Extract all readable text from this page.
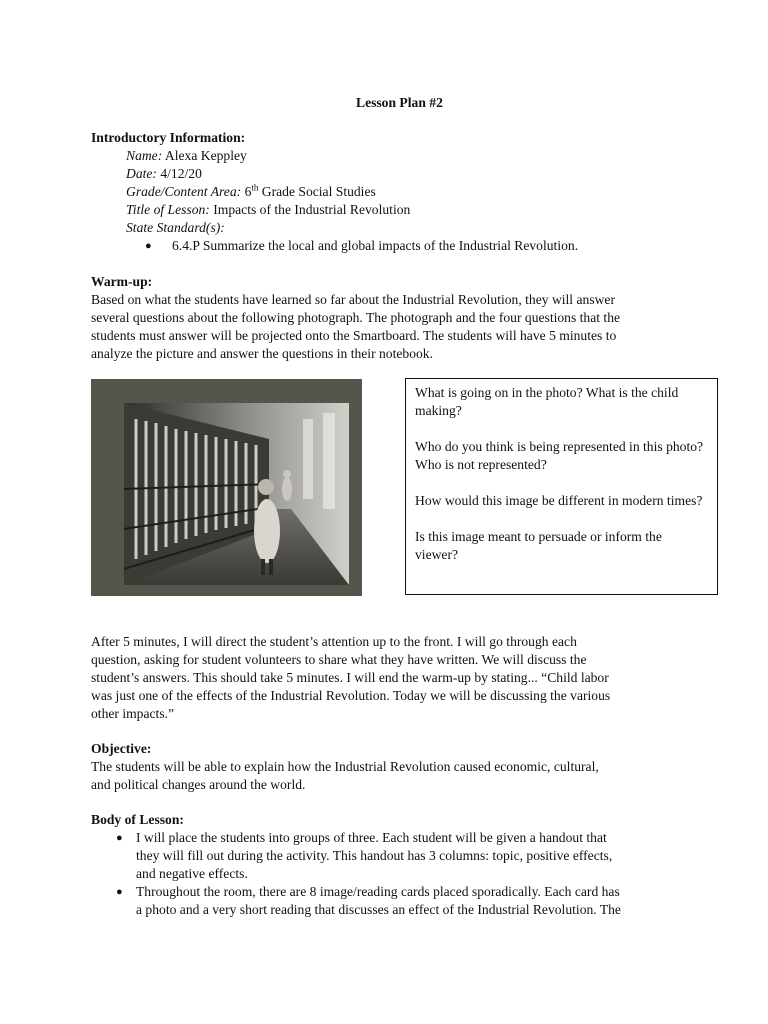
Lesson Plan #2
Introductory Information:
Name: Alexa Keppley
Date: 4/12/20
Grade/Content Area: 6th Grade Social Studies
Title of Lesson: Impacts of the Industrial Revolution
State Standard(s):
● 6.4.P Summarize the local and global impacts of the Industrial Revolution.
Warm-up:
Based on what the students have learned so far about the Industrial Revolution, they will answer
several questions about the following photograph. The photograph and the four questions that the
students must answer will be projected onto the Smartboard. The students will have 5 minutes to
analyze the picture and answer the questions in their notebook.

What is going on in the photo? What is the child making?

Who do you think is being represented in this photo? Who is not represented?

How would this image be different in modern times?

Is this image meant to persuade or inform the viewer?

After 5 minutes, I will direct the student’s attention up to the front. I will go through each
question, asking for student volunteers to share what they have written. We will discuss the
student’s answers. This should take 5 minutes. I will end the warm-up by stating... “Child labor
was just one of the effects of the Industrial Revolution. Today we will be discussing the various
other impacts.”
Objective:
The students will be able to explain how the Industrial Revolution caused economic, cultural,
and political changes around the world.
Body of Lesson:
● I will place the students into groups of three. Each student will be given a handout that
they will fill out during the activity. This handout has 3 columns: topic, positive effects,
and negative effects.
● Throughout the room, there are 8 image/reading cards placed sporadically. Each card has
a photo and a very short reading that discusses an effect of the Industrial Revolution. The
